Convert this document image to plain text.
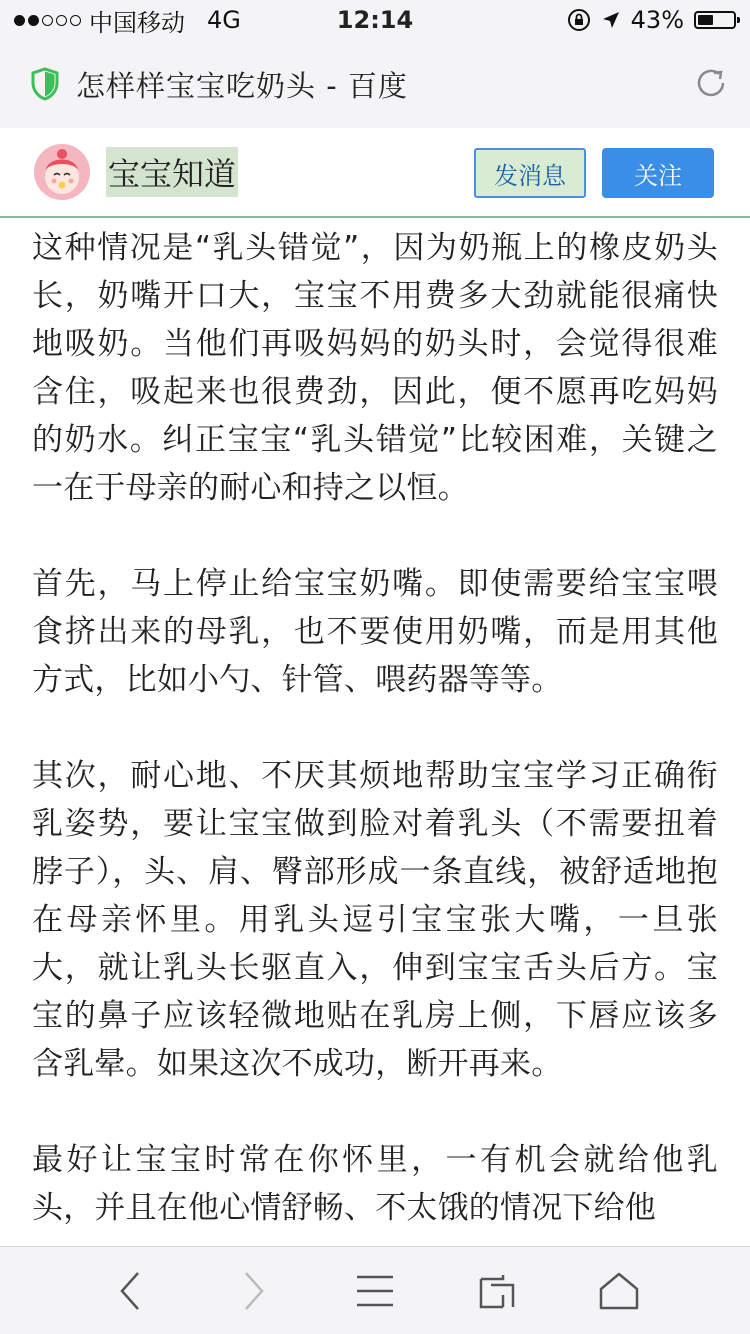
中国移动 4G	43%
12:14
怎样样宝宝吃奶头 - 百度
宝宝知道	发消息	关注

这种情况是“乳头错觉”，因为奶瓶上的橡皮奶头长，奶嘴开口大，宝宝不用费多大劲就能很痛快地吸奶。当他们再吸妈妈的奶头时，会觉得很难含住，吸起来也很费劲，因此，便不愿再吃妈妈的奶水。纠正宝宝“乳头错觉”比较困难，关键之一在于母亲的耐心和持之以恒。

首先，马上停止给宝宝奶嘴。即使需要给宝宝喂食挤出来的母乳，也不要使用奶嘴，而是用其他方式，比如小勺、针管、喂药器等等。

其次，耐心地、不厌其烦地帮助宝宝学习正确衔乳姿势，要让宝宝做到脸对着乳头（不需要扭着脖子），头、肩、臀部形成一条直线，被舒适地抱在母亲怀里。用乳头逗引宝宝张大嘴，一旦张大，就让乳头长驱直入，伸到宝宝舌头后方。宝宝的鼻子应该轻微地贴在乳房上侧，下唇应该多含乳晕。如果这次不成功，断开再来。

最好让宝宝时常在你怀里，一有机会就给他乳头，并且在他心情舒畅、不太饿的情况下给他
